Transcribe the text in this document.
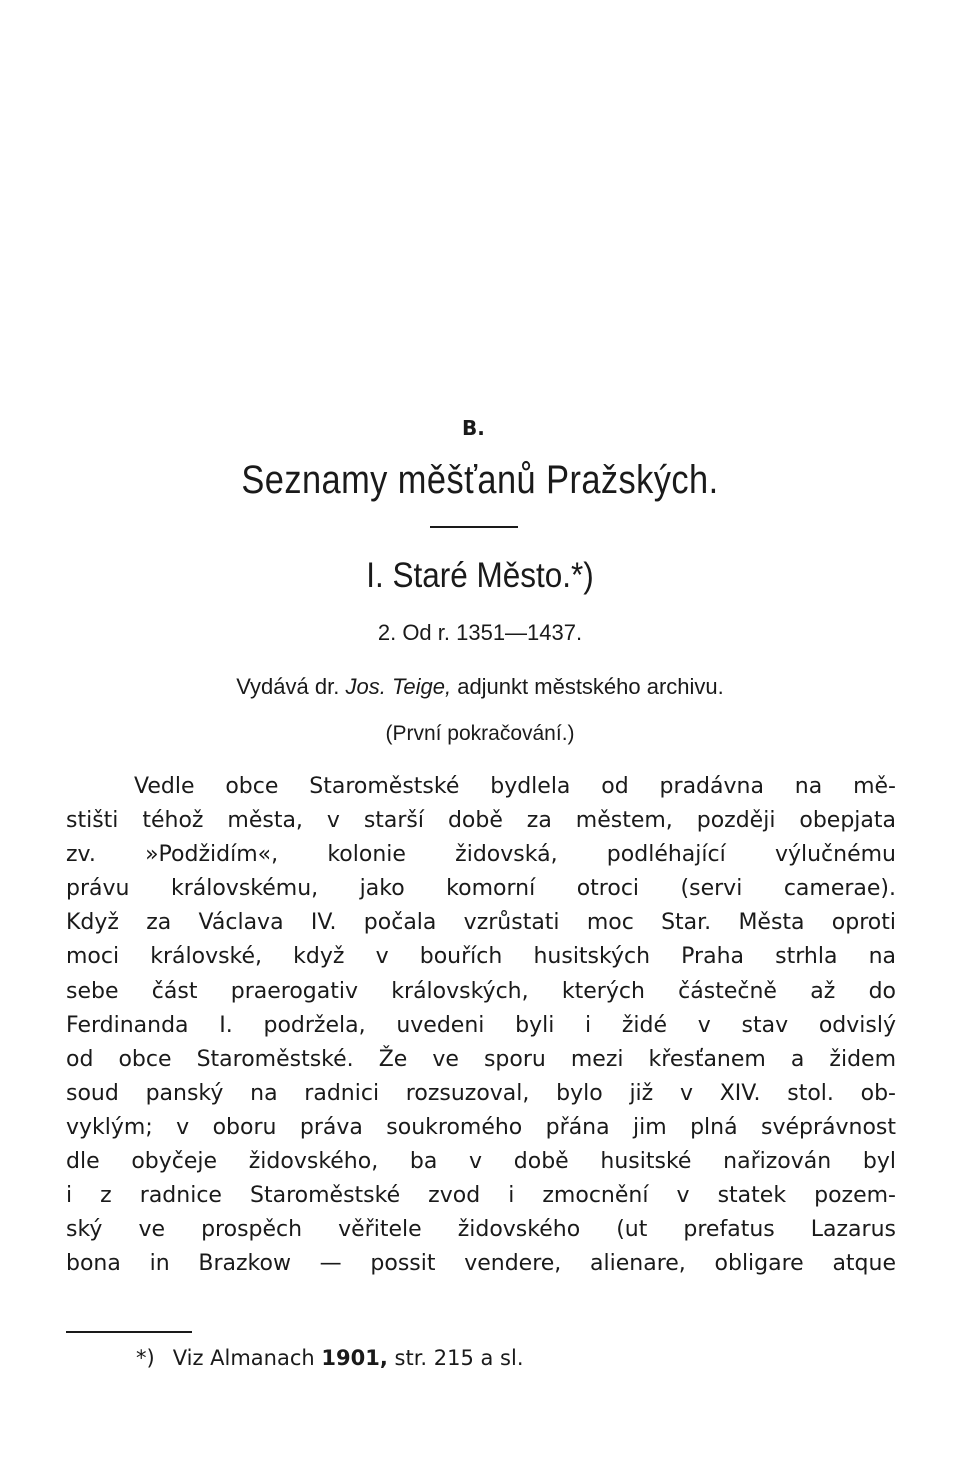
B.
Seznamy měšťanů Pražských.
I. Staré Město.*)
2. Od r. 1351—1437.
Vydává dr. Jos. Teige, adjunkt městského archivu.
(První pokračování.)
Vedle obce Staroměstské bydlela od pradávna na mě-
stišti téhož města, v starší době za městem, později obepjata
zv. »Podžidím«, kolonie židovská, podléhající výlučnému
právu královskému, jako komorní otroci (servi camerae).
Když za Václava IV. počala vzrůstati moc Star. Města oproti
moci královské, když v bouřích husitských Praha strhla na
sebe část praerogativ královských, kterých částečně až do
Ferdinanda I. podržela, uvedeni byli i židé v stav odvislý
od obce Staroměstské. Že ve sporu mezi křesťanem a židem
soud panský na radnici rozsuzoval, bylo již v XIV. stol. ob-
vyklým; v oboru práva soukromého přána jim plná svéprávnost
dle obyčeje židovského, ba v době husitské nařizován byl
i z radnice Staroměstské zvod i zmocnění v statek pozem-
ský ve prospěch věřitele židovského (ut prefatus Lazarus
bona in Brazkow — possit vendere, alienare, obligare atque
*) Viz Almanach 1901, str. 215 a sl.
